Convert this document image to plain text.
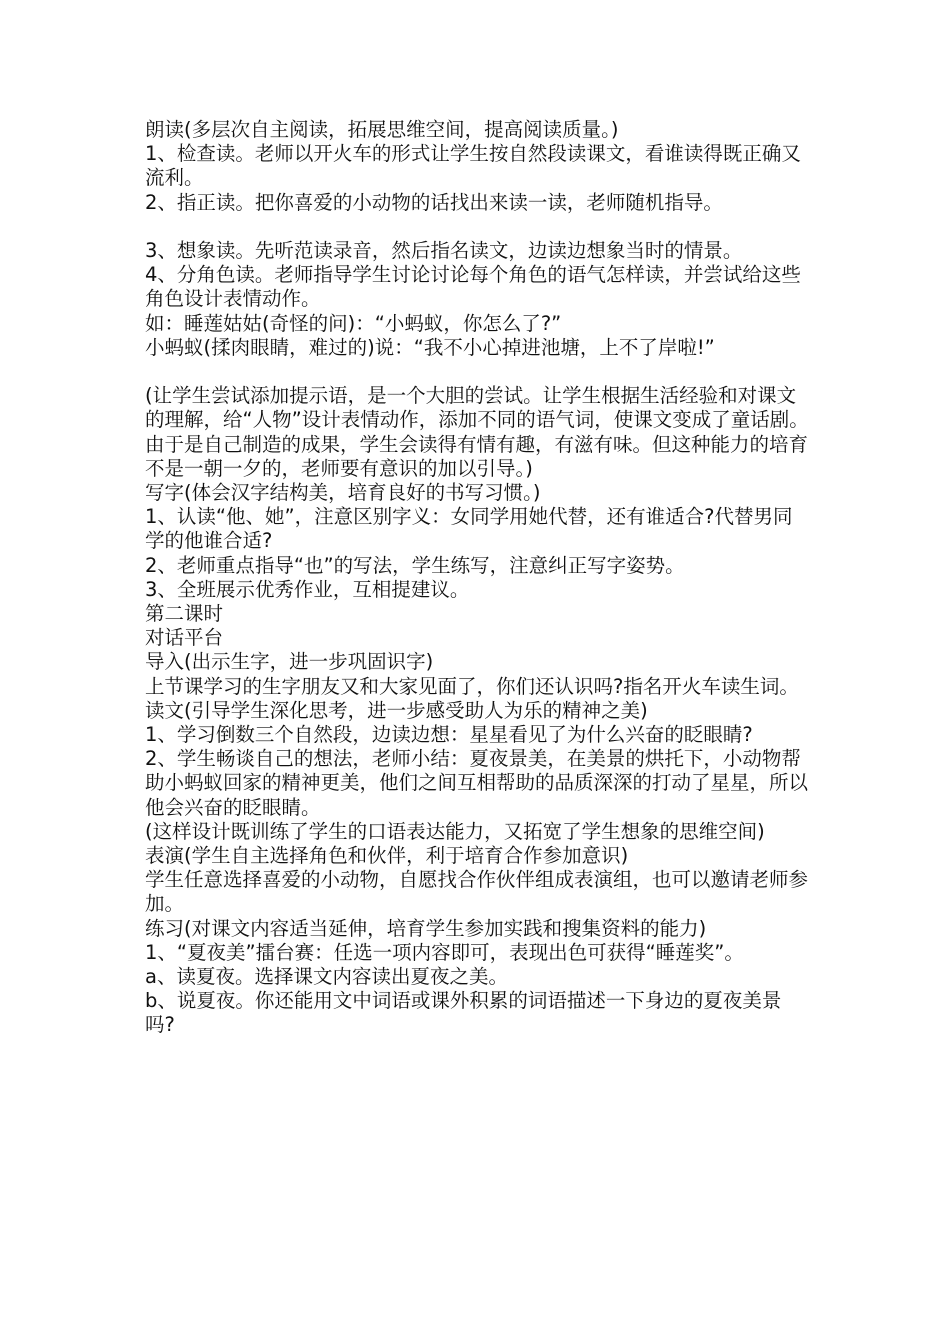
朗读(多层次自主阅读，拓展思维空间，提高阅读质量。)

1、检查读。老师以开火车的形式让学生按自然段读课文，看谁读得既正确又流利。

2、指正读。把你喜爱的小动物的话找出来读一读，老师随机指导。

3、想象读。先听范读录音，然后指名读文，边读边想象当时的情景。

4、分角色读。老师指导学生讨论讨论每个角色的语气怎样读，并尝试给这些角色设计表情动作。

如：睡莲姑姑(奇怪的问)：“小蚂蚁，你怎么了?”

小蚂蚁(揉肉眼睛，难过的)说：“我不小心掉进池塘，上不了岸啦!”

(让学生尝试添加提示语，是一个大胆的尝试。让学生根据生活经验和对课文的理解，给“人物”设计表情动作，添加不同的语气词，使课文变成了童话剧。由于是自己制造的成果，学生会读得有情有趣，有滋有味。但这种能力的培育不是一朝一夕的，老师要有意识的加以引导。)

写字(体会汉字结构美，培育良好的书写习惯。)

1、认读“他、她”，注意区别字义：女同学用她代替，还有谁适合?代替男同学的他谁合适?

2、老师重点指导“也”的写法，学生练写，注意纠正写字姿势。

3、全班展示优秀作业，互相提建议。

第二课时

对话平台

导入(出示生字，进一步巩固识字)

上节课学习的生字朋友又和大家见面了，你们还认识吗?指名开火车读生词。

读文(引导学生深化思考，进一步感受助人为乐的精神之美)

1、学习倒数三个自然段，边读边想：星星看见了为什么兴奋的眨眼睛?

2、学生畅谈自己的想法，老师小结：夏夜景美，在美景的烘托下，小动物帮助小蚂蚁回家的精神更美，他们之间互相帮助的品质深深的打动了星星，所以他会兴奋的眨眼睛。

(这样设计既训练了学生的口语表达能力，又拓宽了学生想象的思维空间)

表演(学生自主选择角色和伙伴，利于培育合作参加意识)

学生任意选择喜爱的小动物，自愿找合作伙伴组成表演组，也可以邀请老师参加。

练习(对课文内容适当延伸，培育学生参加实践和搜集资料的能力)

1、“夏夜美”擂台赛：任选一项内容即可，表现出色可获得“睡莲奖”。

a、读夏夜。选择课文内容读出夏夜之美。

b、说夏夜。你还能用文中词语或课外积累的词语描述一下身边的夏夜美景吗?
